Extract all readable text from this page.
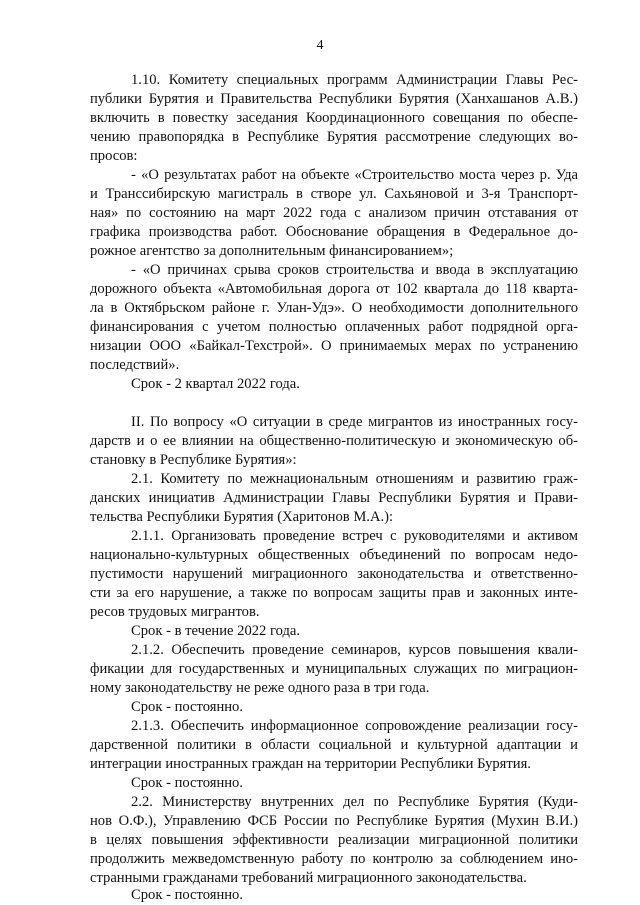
4
1.10. Комитету специальных программ Администрации Главы Рес-
публики Бурятия и Правительства Республики Бурятия (Ханхашанов А.В.)
включить в повестку заседания Координационного совещания по обеспе-
чению правопорядка в Республике Бурятия рассмотрение следующих во-
просов:
- «О результатах работ на объекте «Строительство моста через р. Уда
и Транссибирскую магистраль в створе ул. Сахьяновой и 3-я Транспорт-
ная» по состоянию на март 2022 года с анализом причин отставания от
графика производства работ. Обоснование обращения в Федеральное до-
рожное агентство за дополнительным финансированием»;
- «О причинах срыва сроков строительства и ввода в эксплуатацию
дорожного объекта «Автомобильная дорога от 102 квартала до 118 кварта-
ла в Октябрьском районе г. Улан-Удэ». О необходимости дополнительного
финансирования с учетом полностью оплаченных работ подрядной орга-
низации ООО «Байкал-Техстрой». О принимаемых мерах по устранению
последствий».
Срок - 2 квартал 2022 года.
II. По вопросу «О ситуации в среде мигрантов из иностранных госу-
дарств и о ее влиянии на общественно-политическую и экономическую об-
становку в Республике Бурятия»:
2.1. Комитету по межнациональным отношениям и развитию граж-
данских инициатив Администрации Главы Республики Бурятия и Прави-
тельства Республики Бурятия (Харитонов М.А.):
2.1.1. Организовать проведение встреч с руководителями и активом
национально-культурных общественных объединений по вопросам недо-
пустимости нарушений миграционного законодательства и ответственно-
сти за его нарушение, а также по вопросам защиты прав и законных инте-
ресов трудовых мигрантов.
Срок - в течение 2022 года.
2.1.2. Обеспечить проведение семинаров, курсов повышения квали-
фикации для государственных и муниципальных служащих по миграцион-
ному законодательству не реже одного раза в три года.
Срок - постоянно.
2.1.3. Обеспечить информационное сопровождение реализации госу-
дарственной политики в области социальной и культурной адаптации и
интеграции иностранных граждан на территории Республики Бурятия.
Срок - постоянно.
2.2. Министерству внутренних дел по Республике Бурятия (Куди-
нов О.Ф.), Управлению ФСБ России по Республике Бурятия (Мухин В.И.)
в целях повышения эффективности реализации миграционной политики
продолжить межведомственную работу по контролю за соблюдением ино-
странными гражданами требований миграционного законодательства.
Срок - постоянно.
